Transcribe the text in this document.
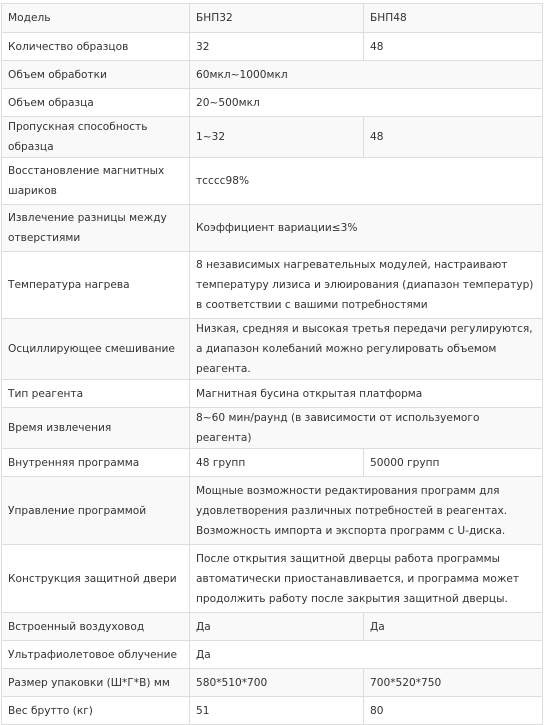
Модель	БНП32	БНП48
Количество образцов	32	48
Объем обработки	60мкл~1000мкл	
Объем образца	20~500мкл	
Пропускная способность образца	1~32	48
Восстановление магнитных шариков	тсссс98%	
Извлечение разницы между отверстиями	Коэффициент вариации≤3%	
Температура нагрева	8 независимых нагревательных модулей, настраивают температуру лизиса и элюирования (диапазон температур) в соответствии с вашими потребностями	
Осциллирующее смешивание	Низкая, средняя и высокая третья передачи регулируются, а диапазон колебаний можно регулировать объемом реагента.	
Тип реагента	Магнитная бусина открытая платформа	
Время извлечения	8~60 мин/раунд (в зависимости от используемого реагента)	
Внутренняя программа	48 групп	50000 групп
Управление программой	Мощные возможности редактирования программ для удовлетворения различных потребностей в реагентах. Возможность импорта и экспорта программ с U-диска.	
Конструкция защитной двери	После открытия защитной дверцы работа программы автоматически приостанавливается, и программа может продолжить работу после закрытия защитной дверцы.	
Встроенный воздуховод	Да	Да
Ультрафиолетовое облучение	Да	
Размер упаковки (Ш*Г*В) мм	580*510*700	700*520*750
Вес брутто (кг)	51	80
